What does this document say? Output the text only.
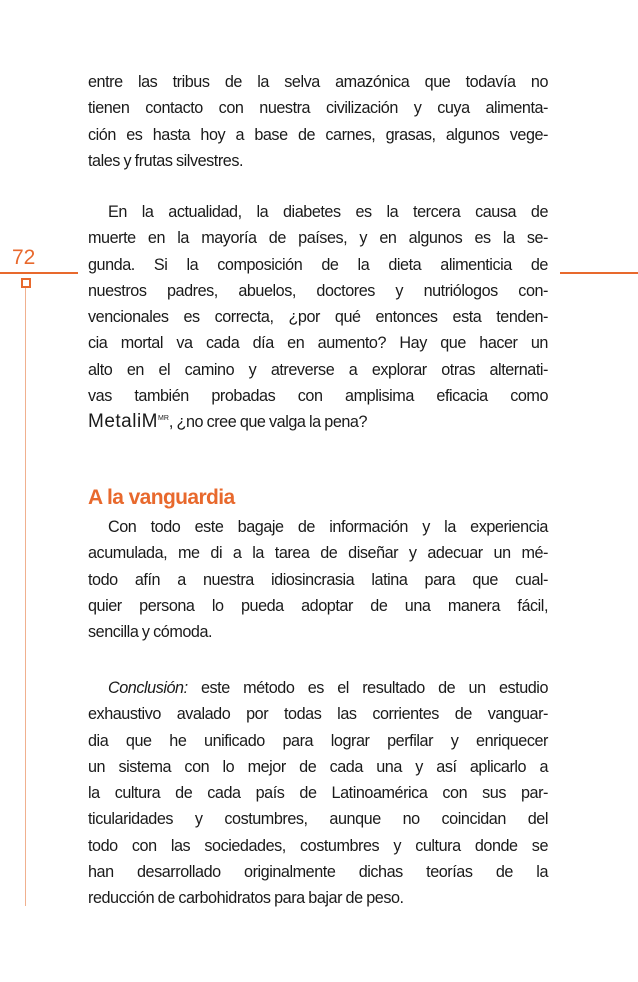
72
entre las tribus de la selva amazónica que todavía no
tienen contacto con nuestra civilización y cuya alimenta-
ción es hasta hoy a base de carnes, grasas, algunos vege-
tales y frutas silvestres.
En la actualidad, la diabetes es la tercera causa de
muerte en la mayoría de países, y en algunos es la se-
gunda. Si la composición de la dieta alimenticia de
nuestros padres, abuelos, doctores y nutriólogos con-
vencionales es correcta, ¿por qué entonces esta tenden-
cia mortal va cada día en aumento? Hay que hacer un
alto en el camino y atreverse a explorar otras alternati-
vas también probadas con amplisima eficacia como
MetaliM$^{MR}$, ¿no cree que valga la pena?
A la vanguardia
Con todo este bagaje de información y la experiencia
acumulada, me di a la tarea de diseñar y adecuar un mé-
todo afín a nuestra idiosincrasia latina para que cual-
quier persona lo pueda adoptar de una manera fácil,
sencilla y cómoda.
Conclusión: este método es el resultado de un estudio
exhaustivo avalado por todas las corrientes de vanguar-
dia que he unificado para lograr perfilar y enriquecer
un sistema con lo mejor de cada una y así aplicarlo a
la cultura de cada país de Latinoamérica con sus par-
ticularidades y costumbres, aunque no coincidan del
todo con las sociedades, costumbres y cultura donde se
han desarrollado originalmente dichas teorías de la
reducción de carbohidratos para bajar de peso.
